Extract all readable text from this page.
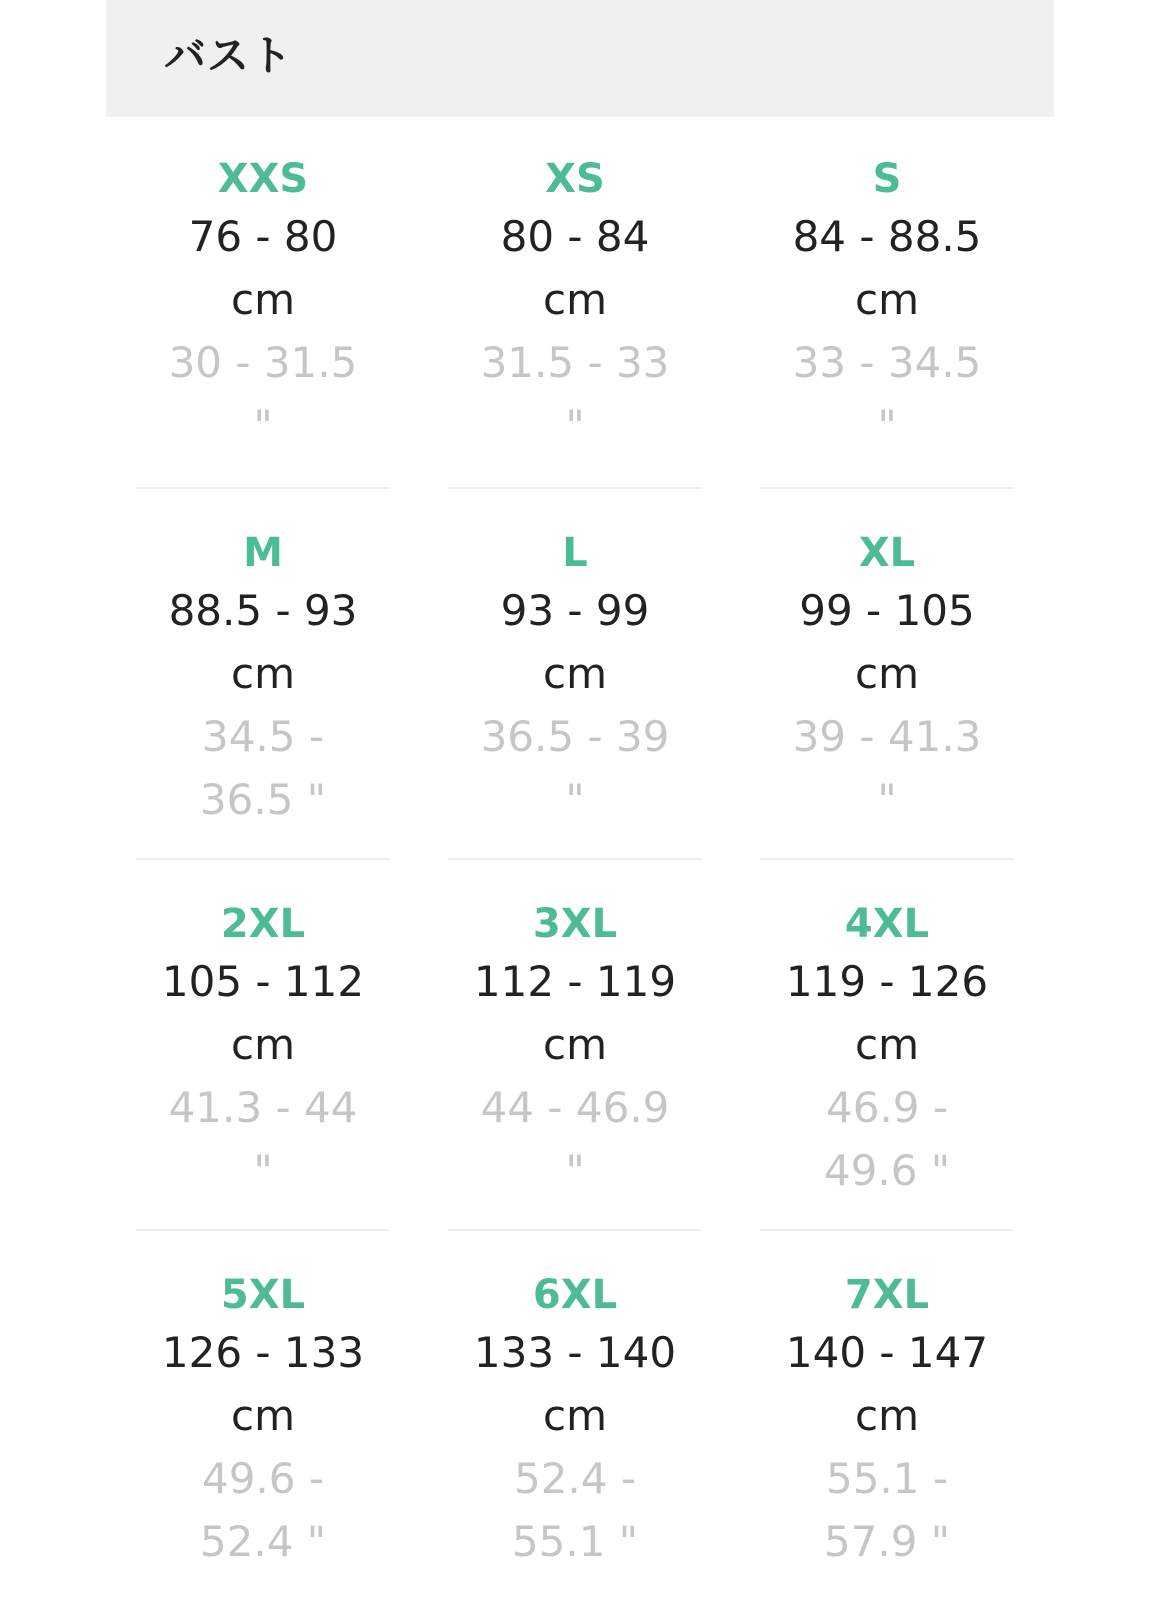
バスト
XXS
76 - 80
cm
30 - 31.5
"
XS
80 - 84
cm
31.5 - 33
"
S
84 - 88.5
cm
33 - 34.5
"
M
88.5 - 93
cm
34.5 -
36.5 "
L
93 - 99
cm
36.5 - 39
"
XL
99 - 105
cm
39 - 41.3
"
2XL
105 - 112
cm
41.3 - 44
"
3XL
112 - 119
cm
44 - 46.9
"
4XL
119 - 126
cm
46.9 -
49.6 "
5XL
126 - 133
cm
49.6 -
52.4 "
6XL
133 - 140
cm
52.4 -
55.1 "
7XL
140 - 147
cm
55.1 -
57.9 "
